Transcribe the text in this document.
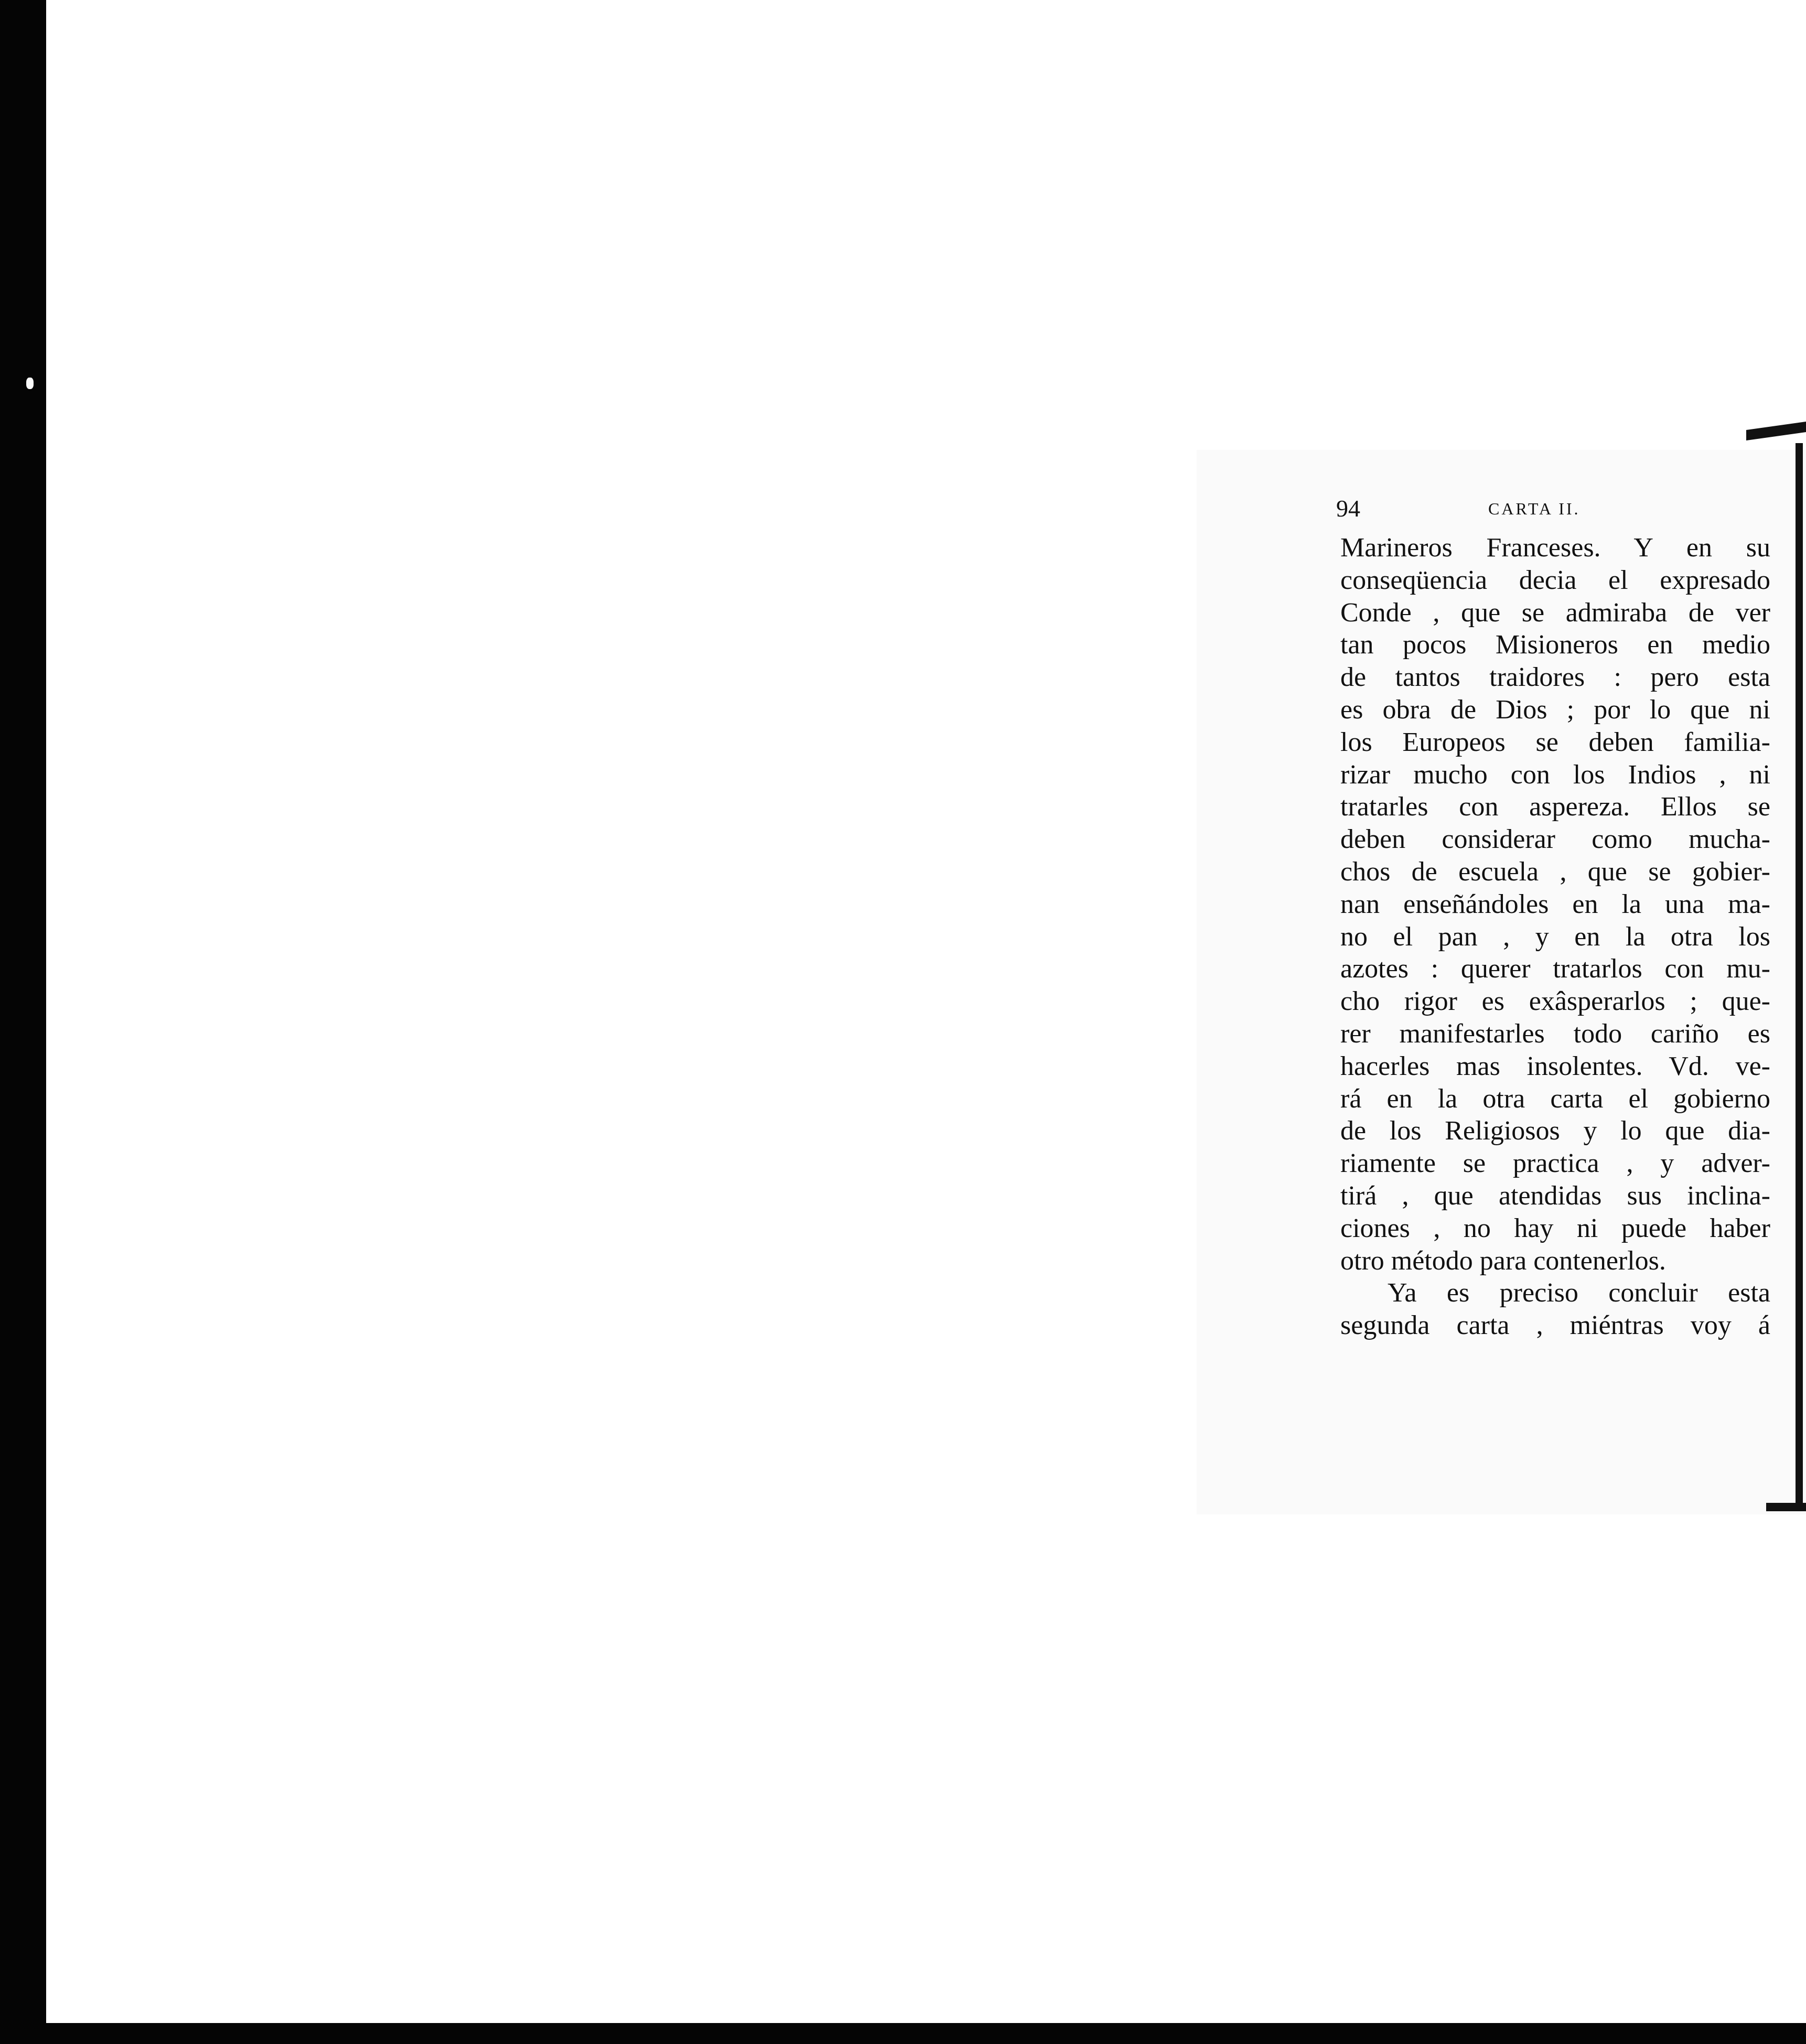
94	CARTA II.
Marineros Franceses. Y en su
conseqüencia decia el expresado
Conde , que se admiraba de ver
tan pocos Misioneros en medio
de tantos traidores : pero esta
es obra de Dios ; por lo que ni
los Europeos se deben familia-
rizar mucho con los Indios , ni
tratarles con aspereza. Ellos se
deben considerar como mucha-
chos de escuela , que se gobier-
nan enseñándoles en la una ma-
no el pan , y en la otra los
azotes : querer tratarlos con mu-
cho rigor es exâsperarlos ; que-
rer manifestarles todo cariño es
hacerles mas insolentes. Vd. ve-
rá en la otra carta el gobierno
de los Religiosos y lo que dia-
riamente se practica , y adver-
tirá , que atendidas sus inclina-
ciones , no hay ni puede haber
otro método para contenerlos.
Ya es preciso concluir esta
segunda carta , miéntras voy á
